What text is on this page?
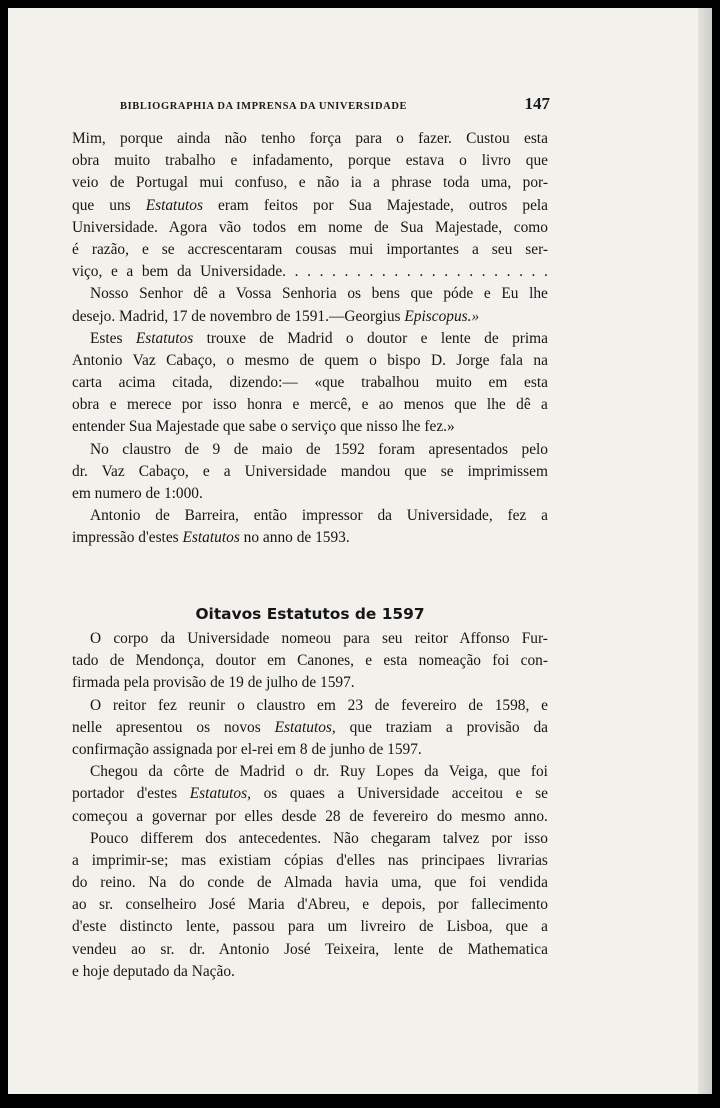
BIBLIOGRAPHIA DA IMPRENSA DA UNIVERSIDADE	147
Mim, porque ainda não tenho força para o fazer. Custou esta
obra muito trabalho e infadamento, porque estava o livro que
veio de Portugal mui confuso, e não ia a phrase toda uma, por-
que uns Estatutos eram feitos por Sua Majestade, outros pela
Universidade. Agora vão todos em nome de Sua Majestade, como
é razão, e se accrescentaram cousas mui importantes a seu ser-
viço, e a bem da Universidade. . . . . . . . . . . . . . . . . . . . . .
Nosso Senhor dê a Vossa Senhoria os bens que póde e Eu lhe
desejo. Madrid, 17 de novembro de 1591.—Georgius Episcopus.»
Estes Estatutos trouxe de Madrid o doutor e lente de prima
Antonio Vaz Cabaço, o mesmo de quem o bispo D. Jorge fala na
carta acima citada, dizendo:— «que trabalhou muito em esta
obra e merece por isso honra e mercê, e ao menos que lhe dê a
entender Sua Majestade que sabe o serviço que nisso lhe fez.»
No claustro de 9 de maio de 1592 foram apresentados pelo
dr. Vaz Cabaço, e a Universidade mandou que se imprimissem
em numero de 1:000.
Antonio de Barreira, então impressor da Universidade, fez a
impressão d'estes Estatutos no anno de 1593.
Oitavos Estatutos de 1597
O corpo da Universidade nomeou para seu reitor Affonso Fur-
tado de Mendonça, doutor em Canones, e esta nomeação foi con-
firmada pela provisão de 19 de julho de 1597.
O reitor fez reunir o claustro em 23 de fevereiro de 1598, e
nelle apresentou os novos Estatutos, que traziam a provisão da
confirmação assignada por el-rei em 8 de junho de 1597.
Chegou da côrte de Madrid o dr. Ruy Lopes da Veiga, que foi
portador d'estes Estatutos, os quaes a Universidade acceitou e se
começou a governar por elles desde 28 de fevereiro do mesmo anno.
Pouco differem dos antecedentes. Não chegaram talvez por isso
a imprimir-se; mas existiam cópias d'elles nas principaes livrarias
do reino. Na do conde de Almada havia uma, que foi vendida
ao sr. conselheiro José Maria d'Abreu, e depois, por fallecimento
d'este distincto lente, passou para um livreiro de Lisboa, que a
vendeu ao sr. dr. Antonio José Teixeira, lente de Mathematica
e hoje deputado da Nação.
